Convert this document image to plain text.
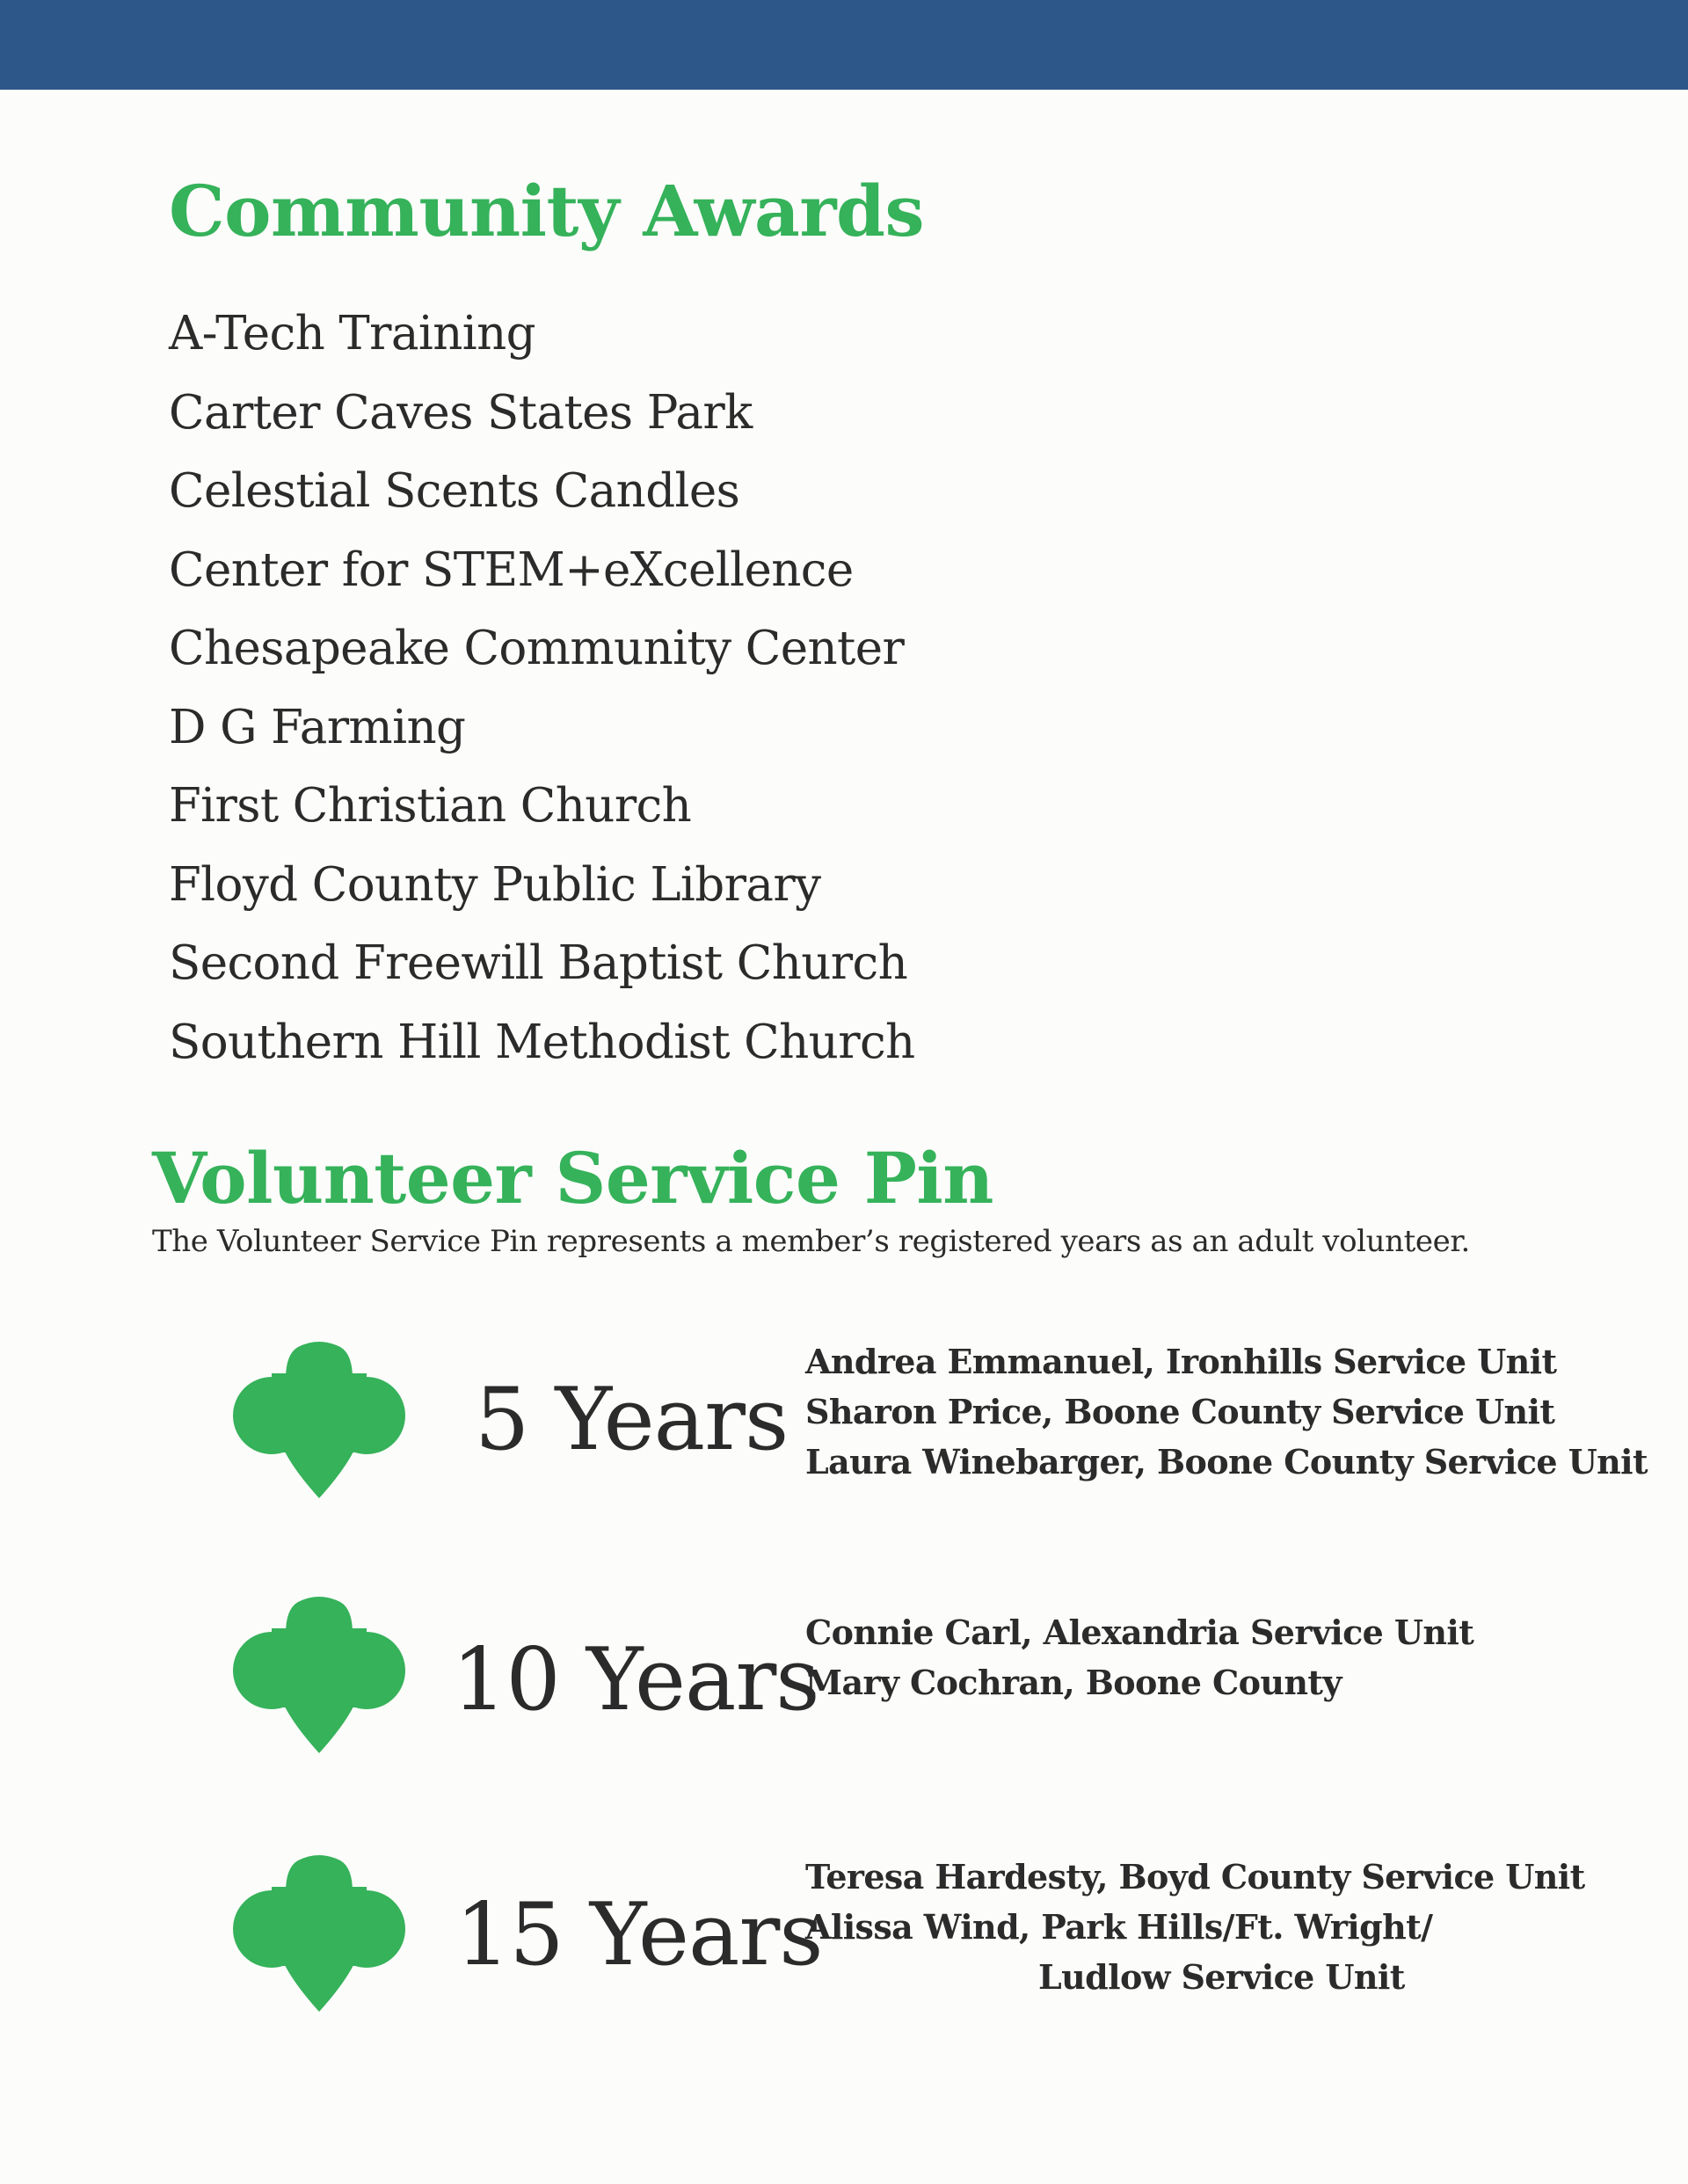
Community Awards
A-Tech Training
Carter Caves States Park
Celestial Scents Candles
Center for STEM+eXcellence
Chesapeake Community Center
D G Farming
First Christian Church
Floyd County Public Library
Second Freewill Baptist Church
Southern Hill Methodist Church
Volunteer Service Pin
The Volunteer Service Pin represents a member’s registered years as an adult volunteer.
5 Years
Andrea Emmanuel, Ironhills Service Unit
Sharon Price, Boone County Service Unit
Laura Winebarger, Boone County Service Unit
10 Years
Connie Carl, Alexandria Service Unit
Mary Cochran, Boone County
15 Years
Teresa Hardesty, Boyd County Service Unit
Alissa Wind, Park Hills/Ft. Wright/
Ludlow Service Unit
